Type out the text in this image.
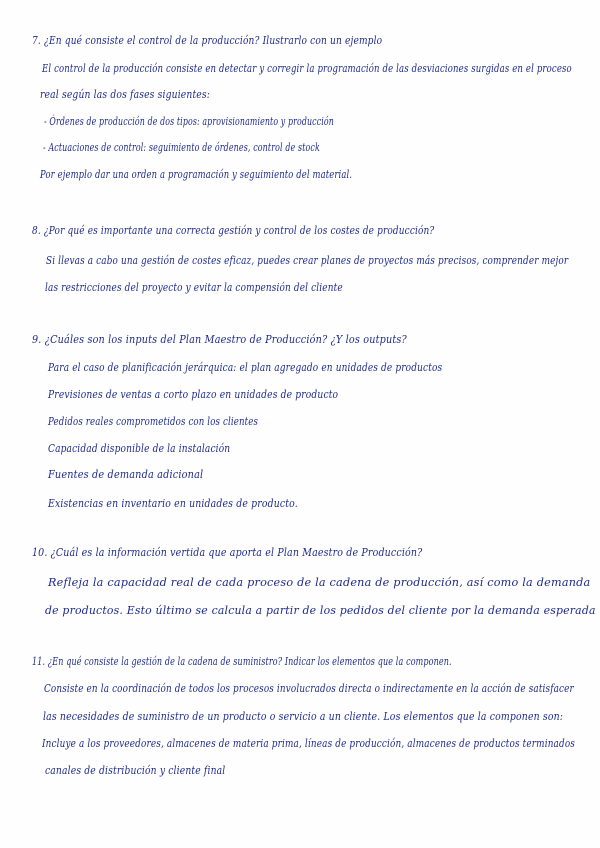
7. ¿En qué consiste el control de la producción? Ilustrarlo con un ejemplo
El control de la producción consiste en detectar y corregir la programación de las desviaciones surgidas en el proceso
real según las dos fases siguientes:
- Órdenes de producción de dos tipos: aprovisionamiento y producción
- Actuaciones de control: seguimiento de órdenes, control de stock
Por ejemplo dar una orden a programación y seguimiento del material.
8. ¿Por qué es importante una correcta gestión y control de los costes de producción?
Si llevas a cabo una gestión de costes eficaz, puedes crear planes de proyectos más precisos, comprender mejor
las restricciones del proyecto y evitar la compensión del cliente
9. ¿Cuáles son los inputs del Plan Maestro de Producción? ¿Y los outputs?
Para el caso de planificación jerárquica: el plan agregado en unidades de productos
Previsiones de ventas a corto plazo en unidades de producto
Pedidos reales comprometidos con los clientes
Capacidad disponible de la instalación
Fuentes de demanda adicional
Existencias en inventario en unidades de producto.
10. ¿Cuál es la información vertida que aporta el Plan Maestro de Producción?
Refleja la capacidad real de cada proceso de la cadena de producción, así como la demanda
de productos. Esto último se calcula a partir de los pedidos del cliente por la demanda esperada
11. ¿En qué consiste la gestión de la cadena de suministro? Indicar los elementos que la componen.
Consiste en la coordinación de todos los procesos involucrados directa o indirectamente en la acción de satisfacer
las necesidades de suministro de un producto o servicio a un cliente. Los elementos que la componen son:
Incluye a los proveedores, almacenes de materia prima, líneas de producción, almacenes de productos terminados
canales de distribución y cliente final
